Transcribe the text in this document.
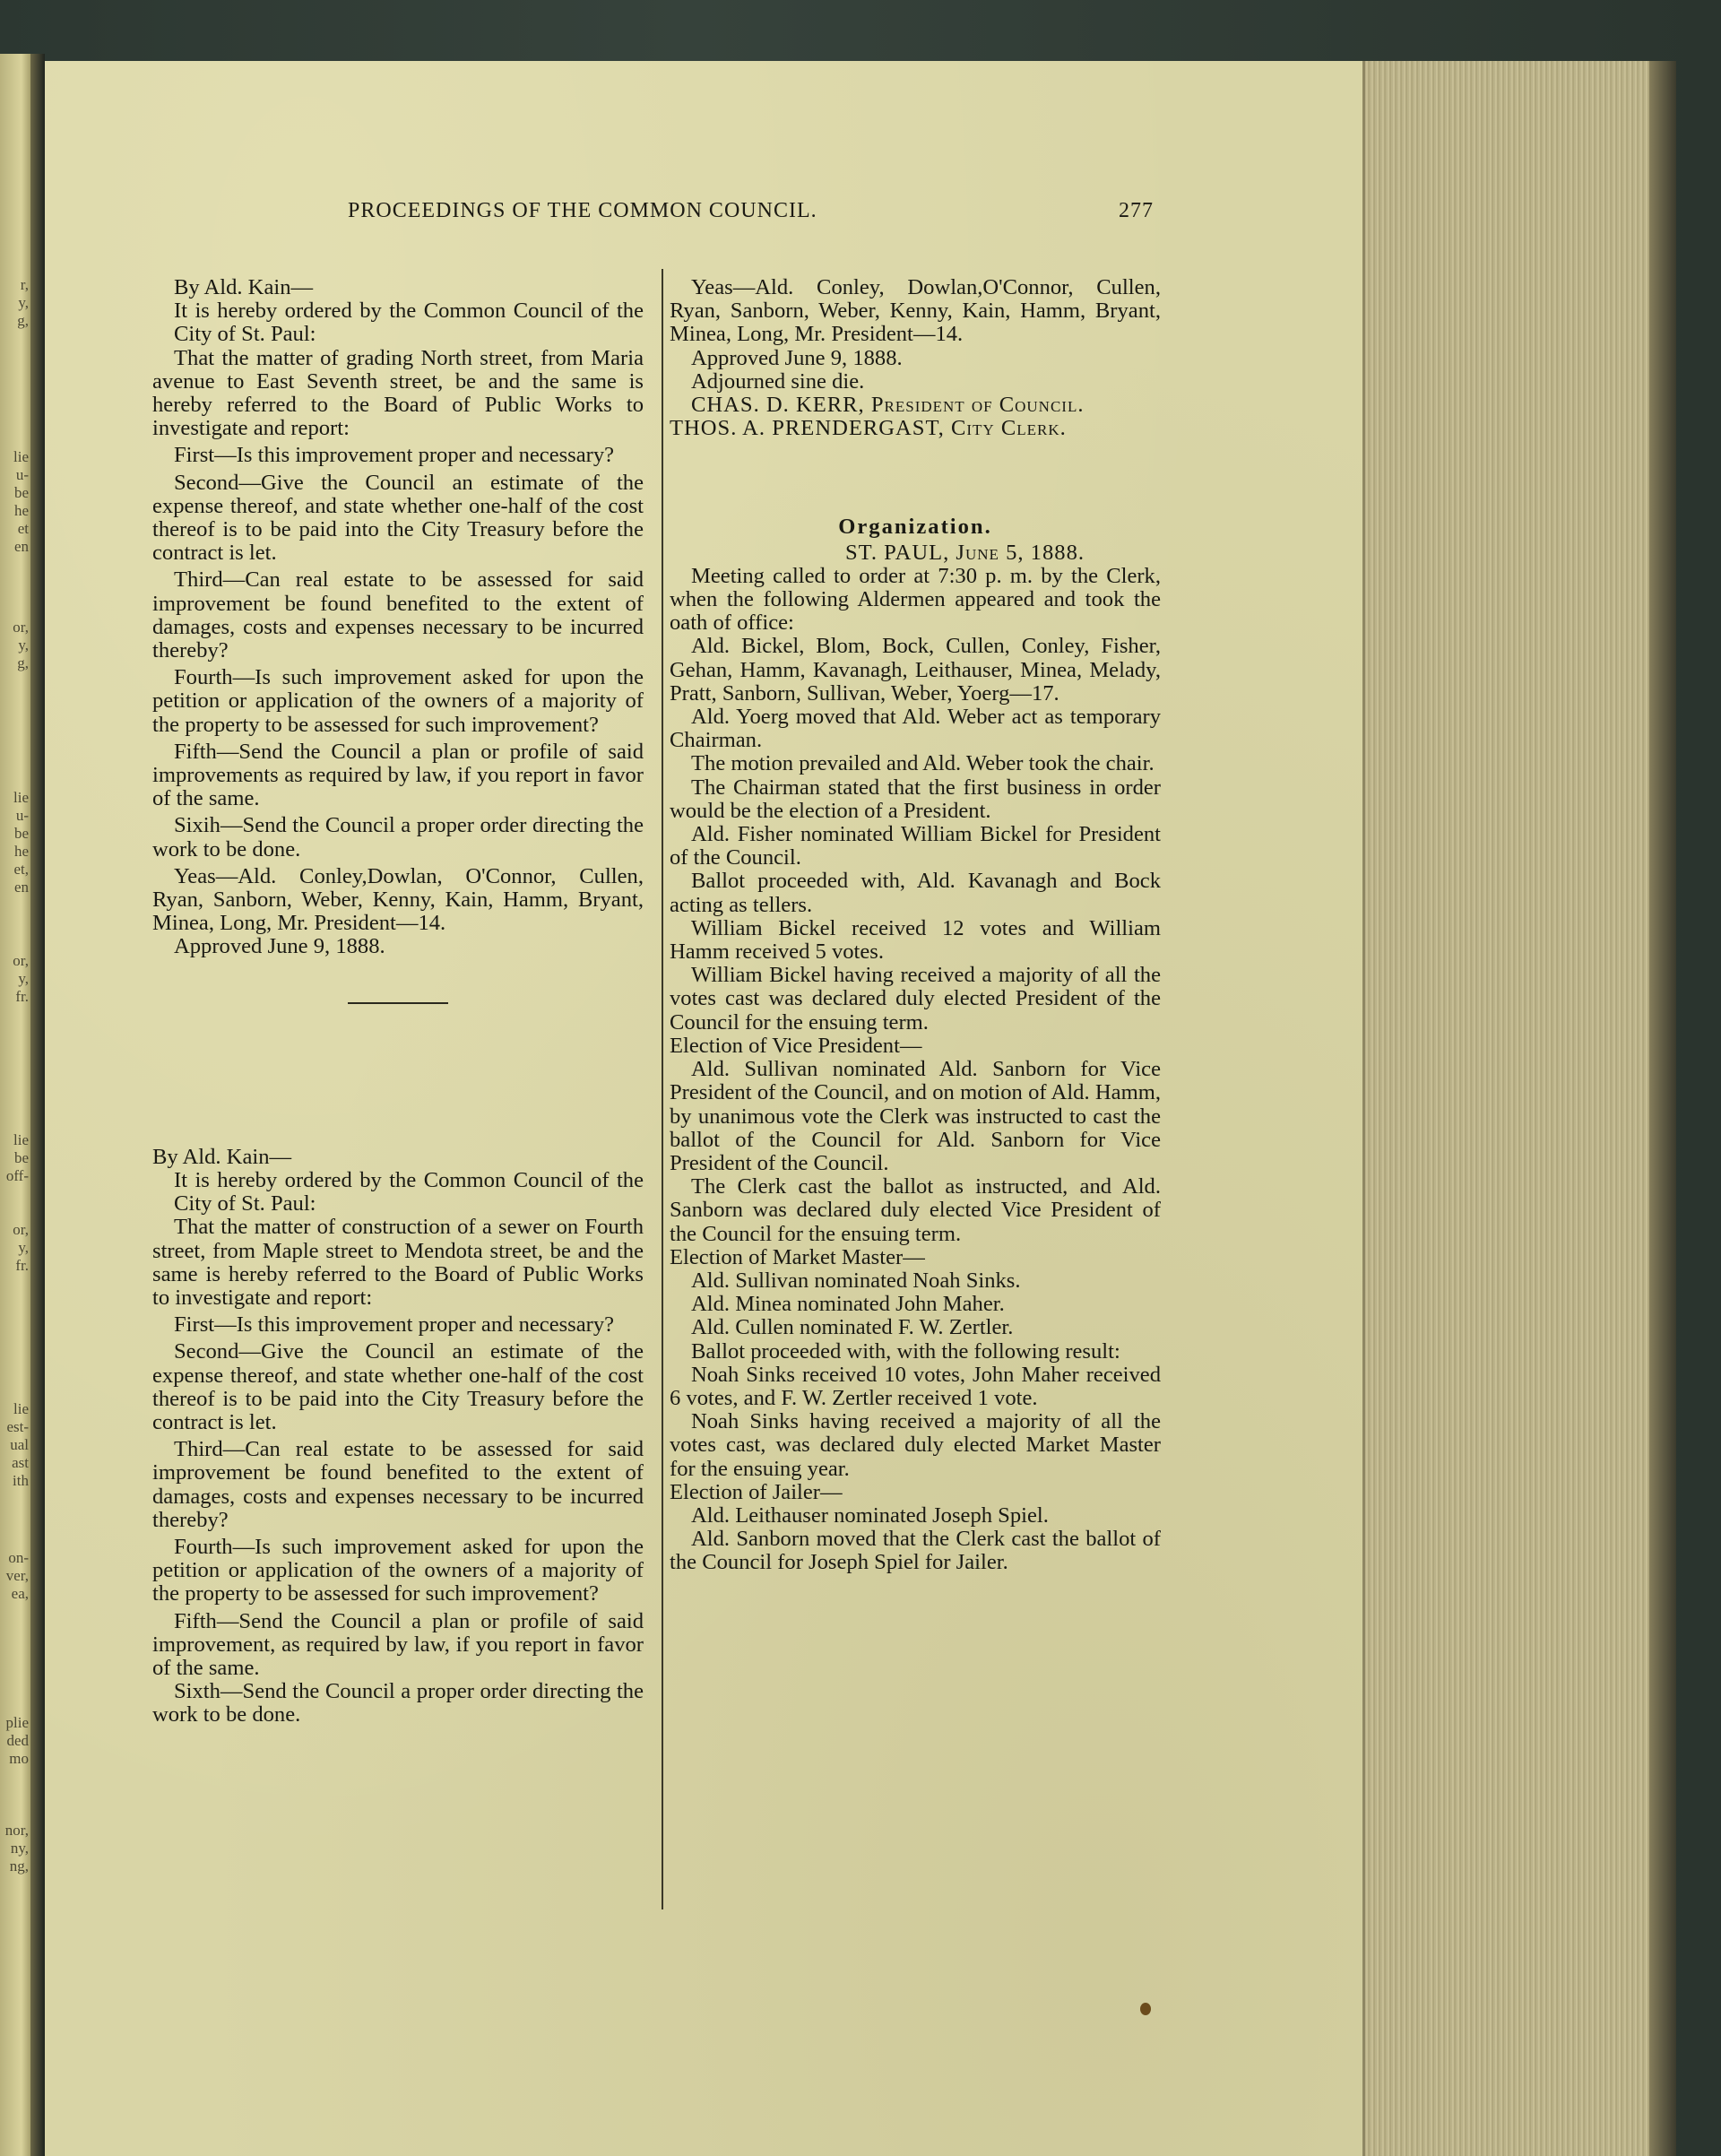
r,
y,
g,
lie
u-
be
he
et
en
or,
y,
g,
lie
u-
be
he
et,
en
or,
y,
fr.
lie
be
off-
or,
y,
fr.
lie
est-
ual
ast
ith
on-
ver,
ea,
plie
ded
mo
nor,
ny,
ng,
PROCEEDINGS OF THE COMMON COUNCIL.	277

By Ald. Kain—

It is hereby ordered by the Common Council of the City of St. Paul:

That the matter of grading North street, from Maria avenue to East Seventh street, be and the same is hereby referred to the Board of Public Works to investigate and report:

First—Is this improvement proper and necessary?

Second—Give the Council an estimate of the expense thereof, and state whether one-half of the cost thereof is to be paid into the City Treasury before the contract is let.

Third—Can real estate to be assessed for said improvement be found benefited to the extent of damages, costs and expenses necessary to be incurred thereby?

Fourth—Is such improvement asked for upon the petition or application of the owners of a majority of the property to be assessed for such improvement?

Fifth—Send the Council a plan or profile of said improvements as required by law, if you report in favor of the same.

Sixih—Send the Council a proper order directing the work to be done.

Yeas—Ald. Conley,Dowlan, O'Connor, Cullen, Ryan, Sanborn, Weber, Kenny, Kain, Hamm, Bryant, Minea, Long, Mr. President—14.

Approved June 9, 1888.

By Ald. Kain—

It is hereby ordered by the Common Council of the City of St. Paul:

That the matter of construction of a sewer on Fourth street, from Maple street to Mendota street, be and the same is hereby referred to the Board of Public Works to investigate and report:

First—Is this improvement proper and necessary?

Second—Give the Council an estimate of the expense thereof, and state whether one-half of the cost thereof is to be paid into the City Treasury before the contract is let.

Third—Can real estate to be assessed for said improvement be found benefited to the extent of damages, costs and expenses necessary to be incurred thereby?

Fourth—Is such improvement asked for upon the petition or application of the owners of a majority of the property to be assessed for such improvement?

Fifth—Send the Council a plan or profile of said improvement, as required by law, if you report in favor of the same.

Sixth—Send the Council a proper order directing the work to be done.

Yeas—Ald. Conley, Dowlan,O'Connor, Cullen, Ryan, Sanborn, Weber, Kenny, Kain, Hamm, Bryant, Minea, Long, Mr. President—14.

Approved June 9, 1888.

Adjourned sine die.

CHAS. D. KERR, President of Council.

THOS. A. PRENDERGAST, City Clerk.

Organization.

ST. PAUL, June 5, 1888.

Meeting called to order at 7:30 p. m. by the Clerk, when the following Aldermen appeared and took the oath of office:

Ald. Bickel, Blom, Bock, Cullen, Conley, Fisher, Gehan, Hamm, Kavanagh, Leithauser, Minea, Melady, Pratt, Sanborn, Sullivan, Weber, Yoerg—17.

Ald. Yoerg moved that Ald. Weber act as temporary Chairman.

The motion prevailed and Ald. Weber took the chair.

The Chairman stated that the first business in order would be the election of a President.

Ald. Fisher nominated William Bickel for President of the Council.

Ballot proceeded with, Ald. Kavanagh and Bock acting as tellers.

William Bickel received 12 votes and William Hamm received 5 votes.

William Bickel having received a majority of all the votes cast was declared duly elected President of the Council for the ensuing term.

Election of Vice President—

Ald. Sullivan nominated Ald. Sanborn for Vice President of the Council, and on motion of Ald. Hamm, by unanimous vote the Clerk was instructed to cast the ballot of the Council for Ald. Sanborn for Vice President of the Council.

The Clerk cast the ballot as instructed, and Ald. Sanborn was declared duly elected Vice President of the Council for the ensuing term.

Election of Market Master—

Ald. Sullivan nominated Noah Sinks.

Ald. Minea nominated John Maher.

Ald. Cullen nominated F. W. Zertler.

Ballot proceeded with, with the following result:

Noah Sinks received 10 votes, John Maher received 6 votes, and F. W. Zertler received 1 vote.

Noah Sinks having received a majority of all the votes cast, was declared duly elected Market Master for the ensuing year.

Election of Jailer—

Ald. Leithauser nominated Joseph Spiel.

Ald. Sanborn moved that the Clerk cast the ballot of the Council for Joseph Spiel for Jailer.
